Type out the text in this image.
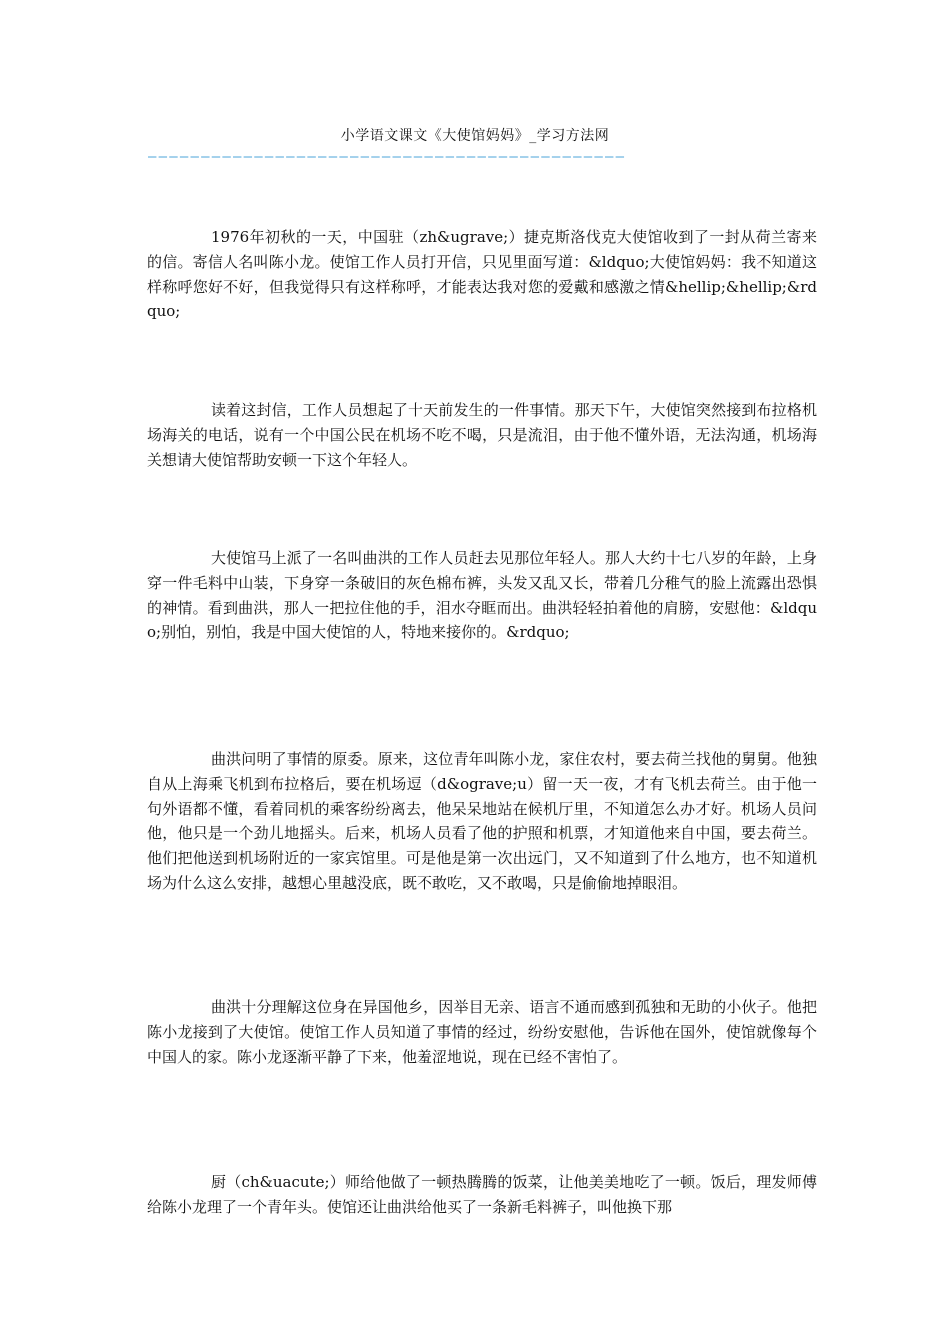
小学语文课文《大使馆妈妈》_学习方法网
—————————————————————————————————————————————

1976年初秋的一天，中国驻（zh&ugrave;）捷克斯洛伐克大使馆收到了一封从荷兰寄来的信。寄信人名叫陈小龙。使馆工作人员打开信，只见里面写道：&ldquo;大使馆妈妈：我不知道这样称呼您好不好，但我觉得只有这样称呼，才能表达我对您的爱戴和感激之情&hellip;&hellip;&rdquo;

读着这封信，工作人员想起了十天前发生的一件事情。那天下午，大使馆突然接到布拉格机场海关的电话，说有一个中国公民在机场不吃不喝，只是流泪，由于他不懂外语，无法沟通，机场海关想请大使馆帮助安顿一下这个年轻人。

大使馆马上派了一名叫曲洪的工作人员赶去见那位年轻人。那人大约十七八岁的年龄，上身穿一件毛料中山装，下身穿一条破旧的灰色棉布裤，头发又乱又长，带着几分稚气的脸上流露出恐惧的神情。看到曲洪，那人一把拉住他的手，泪水夺眶而出。曲洪轻轻拍着他的肩膀，安慰他：&ldquo;别怕，别怕，我是中国大使馆的人，特地来接你的。&rdquo;

曲洪问明了事情的原委。原来，这位青年叫陈小龙，家住农村，要去荷兰找他的舅舅。他独自从上海乘飞机到布拉格后，要在机场逗（d&ograve;u）留一天一夜，才有飞机去荷兰。由于他一句外语都不懂，看着同机的乘客纷纷离去，他呆呆地站在候机厅里，不知道怎么办才好。机场人员问他，他只是一个劲儿地摇头。后来，机场人员看了他的护照和机票，才知道他来自中国，要去荷兰。他们把他送到机场附近的一家宾馆里。可是他是第一次出远门，又不知道到了什么地方，也不知道机场为什么这么安排，越想心里越没底，既不敢吃，又不敢喝，只是偷偷地掉眼泪。

曲洪十分理解这位身在异国他乡，因举目无亲、语言不通而感到孤独和无助的小伙子。他把陈小龙接到了大使馆。使馆工作人员知道了事情的经过，纷纷安慰他，告诉他在国外，使馆就像每个中国人的家。陈小龙逐渐平静了下来，他羞涩地说，现在已经不害怕了。

厨（ch&uacute;）师给他做了一顿热腾腾的饭菜，让他美美地吃了一顿。饭后，理发师傅给陈小龙理了一个青年头。使馆还让曲洪给他买了一条新毛料裤子，叫他换下那
